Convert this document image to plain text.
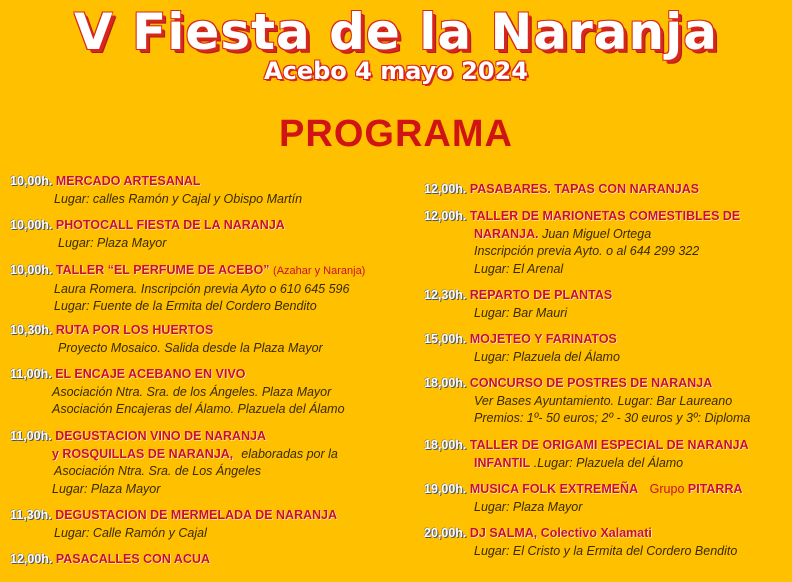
V Fiesta de la Naranja
Acebo 4 mayo 2024
PROGRAMA
10,00h. MERCADO ARTESANAL
Lugar: calles Ramón y Cajal y Obispo Martín
10,00h. PHOTOCALL FIESTA DE LA NARANJA
Lugar: Plaza Mayor
10,00h. TALLER “EL PERFUME DE ACEBO” (Azahar y Naranja)
Laura Romera. Inscripción previa Ayto o 610 645 596
Lugar: Fuente de la Ermita del Cordero Bendito
10,30h. RUTA POR LOS HUERTOS
Proyecto Mosaico. Salida desde la Plaza Mayor
11,00h. EL ENCAJE ACEBANO EN VIVO
Asociación Ntra. Sra. de los Ángeles. Plaza Mayor
Asociación Encajeras del Álamo. Plazuela del Álamo
11,00h. DEGUSTACION VINO DE NARANJA
y ROSQUILLAS DE NARANJA, elaboradas por la
Asociación Ntra. Sra. de Los Ángeles
Lugar: Plaza Mayor
11,30h. DEGUSTACION DE MERMELADA DE NARANJA
Lugar: Calle Ramón y Cajal
12,00h. PASACALLES CON ACUA
12,00h. PASABARES. TAPAS CON NARANJAS
12,00h. TALLER DE MARIONETAS COMESTIBLES DE
NARANJA. Juan Miguel Ortega
Inscripción previa Ayto. o al 644 299 322
Lugar: El Arenal
12,30h. REPARTO DE PLANTAS
Lugar: Bar Mauri
15,00h. MOJETEO Y FARINATOS
Lugar: Plazuela del Álamo
18,00h. CONCURSO DE POSTRES DE NARANJA
Ver Bases Ayuntamiento. Lugar: Bar Laureano
Premios: 1º- 50 euros; 2º - 30 euros y 3º: Diploma
18,00h. TALLER DE ORIGAMI ESPECIAL DE NARANJA
INFANTIL .Lugar: Plazuela del Álamo
19,00h. MUSICA FOLK EXTREMEÑA Grupo PITARRA
Lugar: Plaza Mayor
20,00h. DJ SALMA, Colectivo Xalamati
Lugar: El Cristo y la Ermita del Cordero Bendito
